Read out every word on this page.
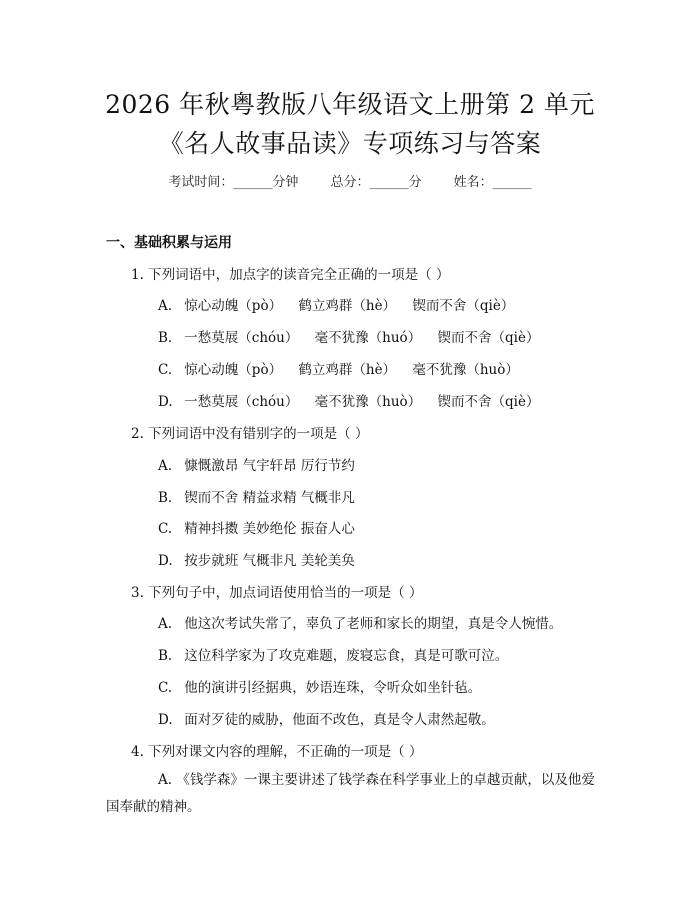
2026 年秋粤教版八年级语文上册第 2 单元
《名人故事品读》专项练习与答案
考试时间：______分钟 总分：______分 姓名：______
一、基础积累与运用
1. 下列词语中，加点字的读音完全正确的一项是（ ）
A. 惊心动魄（pò） 鹤立鸡群（hè） 锲而不舍（qiè）
B. 一愁莫展（chóu） 毫不犹豫（huó） 锲而不舍（qiè）
C. 惊心动魄（pò） 鹤立鸡群（hè） 毫不犹豫（huò）
D. 一愁莫展（chóu） 毫不犹豫（huò） 锲而不舍（qiè）
2. 下列词语中没有错别字的一项是（ ）
A. 慷慨激昂 气宇轩昂 厉行节约
B. 锲而不舍 精益求精 气概非凡
C. 精神抖擞 美妙绝伦 振奋人心
D. 按步就班 气概非凡 美轮美奂
3. 下列句子中，加点词语使用恰当的一项是（ ）
A. 他这次考试失常了，辜负了老师和家长的期望，真是令人惋惜。
B. 这位科学家为了攻克难题，废寝忘食，真是可歌可泣。
C. 他的演讲引经据典，妙语连珠，令听众如坐针毡。
D. 面对歹徒的威胁，他面不改色，真是令人肃然起敬。
4. 下列对课文内容的理解，不正确的一项是（ ）
A. 《钱学森》一课主要讲述了钱学森在科学事业上的卓越贡献，以及他爱国奉献的精神。
